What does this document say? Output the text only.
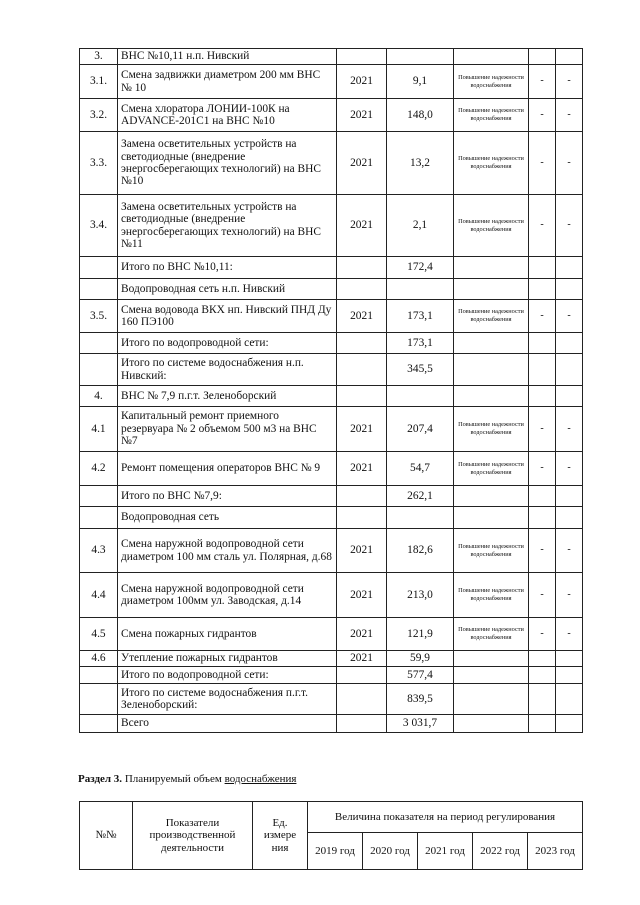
3.	ВНС №10,11 н.п. Нивский					
3.1.	Смена задвижки диаметром 200 мм ВНС № 10	2021	9,1	Повышение надежности водоснабжения	-	-
3.2.	Смена хлоратора ЛОНИИ-100К на ADVANCE-201C1 на ВНС №10	2021	148,0	Повышение надежности водоснабжения	-	-
3.3.	Замена осветительных устройств на светодиодные (внедрение энергосберегающих технологий) на ВНС №10	2021	13,2	Повышение надежности водоснабжения	-	-
3.4.	Замена осветительных устройств на светодиодные (внедрение энергосберегающих технологий) на ВНС №11	2021	2,1	Повышение надежности водоснабжения	-	-
	Итого по ВНС №10,11:		172,4			
	Водопроводная сеть н.п. Нивский					
3.5.	Смена водовода ВКХ нп. Нивский ПНД Ду 160 ПЭ100	2021	173,1	Повышение надежности водоснабжения	-	-
	Итого по водопроводной сети:		173,1			
	Итого по системе водоснабжения н.п. Нивский:		345,5			
4.	ВНС № 7,9 п.г.т. Зеленоборский					
4.1	Капитальный ремонт приемного резервуара № 2 объемом 500 м3 на ВНС №7	2021	207,4	Повышение надежности водоснабжения	-	-
4.2	Ремонт помещения операторов ВНС № 9	2021	54,7	Повышение надежности водоснабжения	-	-
	Итого по ВНС №7,9:		262,1			
	Водопроводная сеть					
4.3	Смена наружной водопроводной сети диаметром 100 мм сталь ул. Полярная, д.68	2021	182,6	Повышение надежности водоснабжения	-	-
4.4	Смена наружной водопроводной сети диаметром 100мм ул. Заводская, д.14	2021	213,0	Повышение надежности водоснабжения	-	-
4.5	Смена пожарных гидрантов	2021	121,9	Повышение надежности водоснабжения	-	-
4.6	Утепление пожарных гидрантов	2021	59,9			
	Итого по водопроводной сети:		577,4			
	Итого по системе водоснабжения п.г.т. Зеленоборский:		839,5			
	Всего		3 031,7			
Раздел 3. Планируемый объем водоснабжения
№№	Показатели производственной деятельности	Ед. измере ния	Величина показателя на период регулирования				
			2019 год	2020 год	2021 год	2022 год	2023 год
